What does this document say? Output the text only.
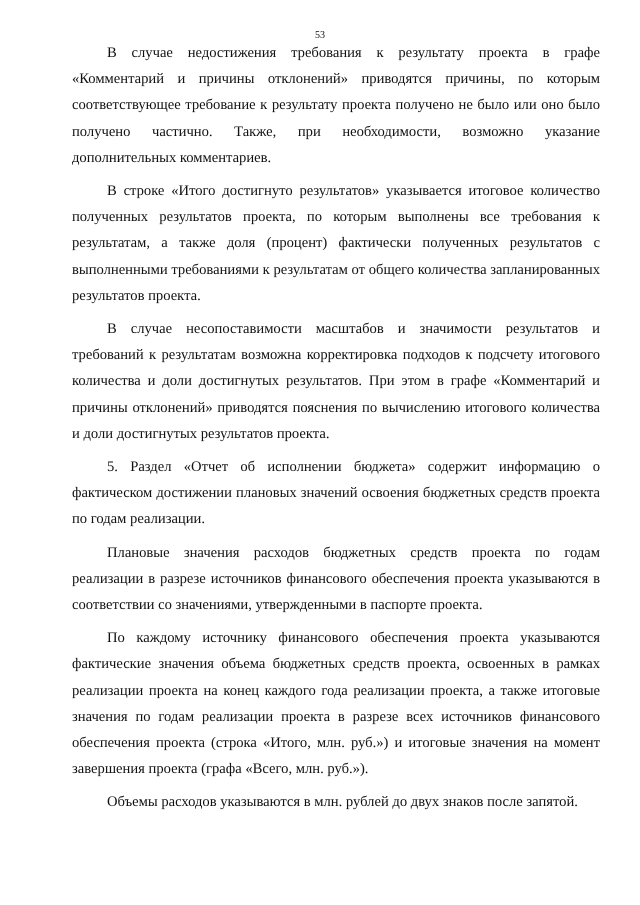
53

В случае недостижения требования к результату проекта в графе «Комментарий и причины отклонений» приводятся причины, по которым соответствующее требование к результату проекта получено не было или оно было получено частично. Также, при необходимости, возможно указание дополнительных комментариев.

В строке «Итого достигнуто результатов» указывается итоговое количество полученных результатов проекта, по которым выполнены все требования к результатам, а также доля (процент) фактически полученных результатов с выполненными требованиями к результатам от общего количества запланированных результатов проекта.

В случае несопоставимости масштабов и значимости результатов и требований к результатам возможна корректировка подходов к подсчету итогового количества и доли достигнутых результатов. При этом в графе «Комментарий и причины отклонений» приводятся пояснения по вычислению итогового количества и доли достигнутых результатов проекта.

5. Раздел «Отчет об исполнении бюджета» содержит информацию о фактическом достижении плановых значений освоения бюджетных средств проекта по годам реализации.

Плановые значения расходов бюджетных средств проекта по годам реализации в разрезе источников финансового обеспечения проекта указываются в соответствии со значениями, утвержденными в паспорте проекта.

По каждому источнику финансового обеспечения проекта указываются фактические значения объема бюджетных средств проекта, освоенных в рамках реализации проекта на конец каждого года реализации проекта, а также итоговые значения по годам реализации проекта в разрезе всех источников финансового обеспечения проекта (строка «Итого, млн. руб.») и итоговые значения на момент завершения проекта (графа «Всего, млн. руб.»).

Объемы расходов указываются в млн. рублей до двух знаков после запятой.
